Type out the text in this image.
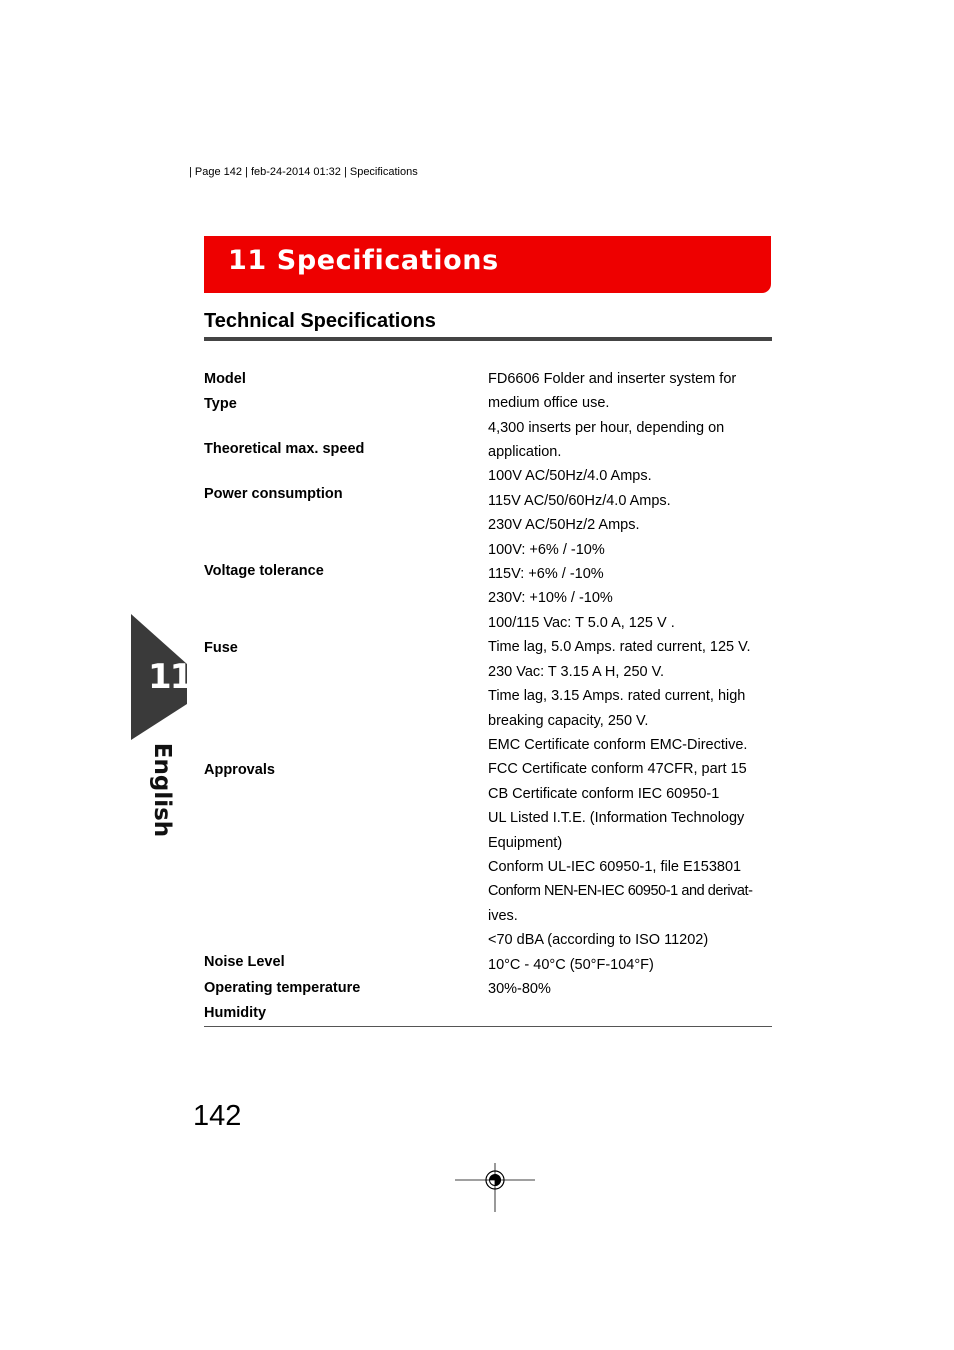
| Page 142 | feb-24-2014 01:32 | Specifications
11 Specifications
Technical Specifications
Model
Type
Theoretical max. speed
Power consumption
Voltage tolerance
Fuse
Approvals
Noise Level
Operating temperature
Humidity
FD6606 Folder and inserter system for
medium office use.
4,300 inserts per hour, depending on
application.
100V AC/50Hz/4.0 Amps.
115V AC/50/60Hz/4.0 Amps.
230V AC/50Hz/2 Amps.
100V: +6% / -10%
115V: +6% / -10%
230V: +10% / -10%
100/115 Vac: T 5.0 A, 125 V .
Time lag, 5.0 Amps. rated current, 125 V.
230 Vac: T 3.15 A H, 250 V.
Time lag, 3.15 Amps. rated current, high
breaking capacity, 250 V.
EMC Certificate conform EMC-Directive.
FCC Certificate conform 47CFR, part 15
CB Certificate conform IEC 60950-1
UL Listed I.T.E. (Information Technology
Equipment)
Conform UL-IEC 60950-1, file E153801
Conform NEN-EN-IEC 60950-1 and derivat-
ives.
<70 dBA (according to ISO 11202)
10°C - 40°C (50°F-104°F)
30%-80%
11
English
142
